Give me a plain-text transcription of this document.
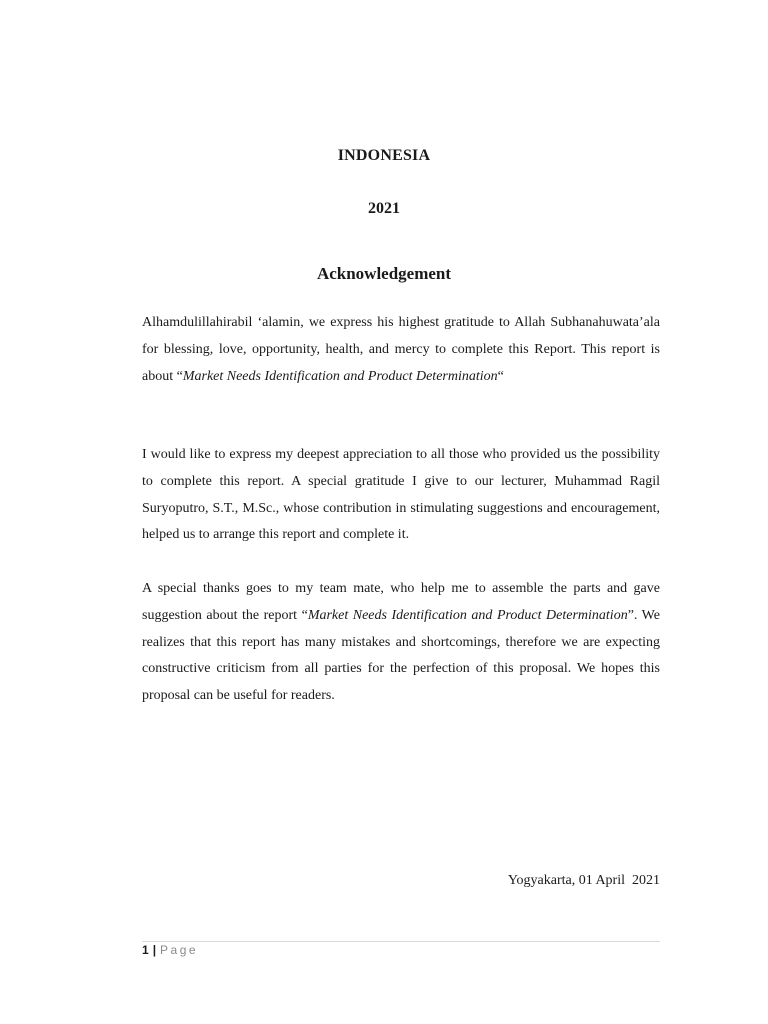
INDONESIA
2021
Acknowledgement
Alhamdulillahirabil ‘alamin, we express his highest gratitude to Allah Subhanahuwata’ala for blessing, love, opportunity, health, and mercy to complete this Report. This report is about “Market Needs Identification and Product Determination“
I would like to express my deepest appreciation to all those who provided us the possibility to complete this report. A special gratitude I give to our lecturer, Muhammad Ragil Suryoputro, S.T., M.Sc., whose contribution in stimulating suggestions and encouragement, helped us to arrange this report and complete it.
A special thanks goes to my team mate, who help me to assemble the parts and gave suggestion about the report “Market Needs Identification and Product Determination”. We realizes that this report has many mistakes and shortcomings, therefore we are expecting constructive criticism from all parties for the perfection of this proposal. We hopes this proposal can be useful for readers.
Yogyakarta, 01 April  2021
1 | Page
